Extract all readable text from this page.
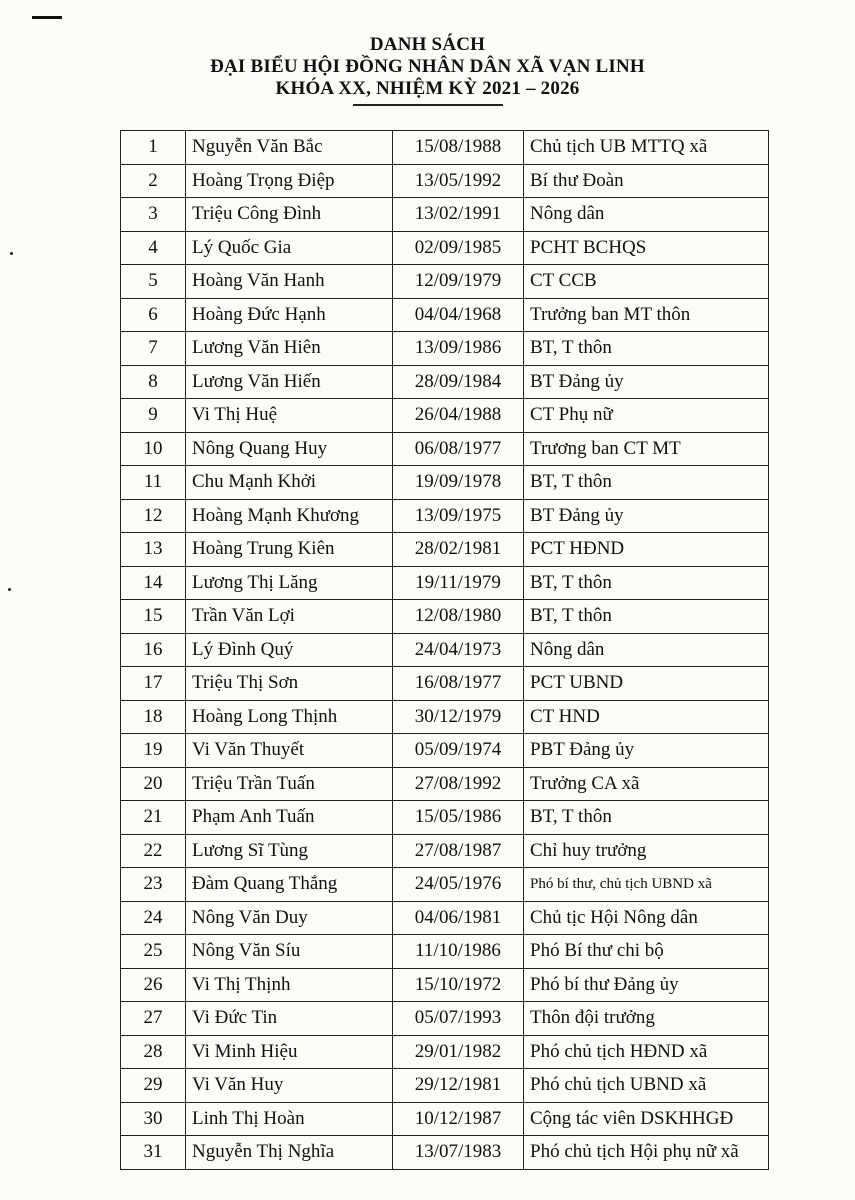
DANH SÁCH
ĐẠI BIỂU HỘI ĐỒNG NHÂN DÂN XÃ VẠN LINH
KHÓA XX, NHIỆM KỲ 2021 – 2026
1	Nguyễn Văn Bắc	15/08/1988	Chủ tịch UB MTTQ xã
2	Hoàng Trọng Điệp	13/05/1992	Bí thư Đoàn
3	Triệu Công Đình	13/02/1991	Nông dân
4	Lý Quốc Gia	02/09/1985	PCHT BCHQS
5	Hoàng Văn Hanh	12/09/1979	CT CCB
6	Hoàng Đức Hạnh	04/04/1968	Trưởng ban MT thôn
7	Lương Văn Hiên	13/09/1986	BT, T thôn
8	Lương Văn Hiến	28/09/1984	BT Đảng ủy
9	Vi Thị Huệ	26/04/1988	CT Phụ nữ
10	Nông Quang Huy	06/08/1977	Trương ban CT MT
11	Chu Mạnh Khởi	19/09/1978	BT, T thôn
12	Hoàng Mạnh Khương	13/09/1975	BT Đảng ủy
13	Hoàng Trung Kiên	28/02/1981	PCT HĐND
14	Lương Thị Lăng	19/11/1979	BT, T thôn
15	Trần Văn Lợi	12/08/1980	BT, T thôn
16	Lý Đình Quý	24/04/1973	Nông dân
17	Triệu Thị Sơn	16/08/1977	PCT UBND
18	Hoàng Long Thịnh	30/12/1979	CT HND
19	Vi Văn Thuyết	05/09/1974	PBT Đảng ủy
20	Triệu Trần Tuấn	27/08/1992	Trưởng CA xã
21	Phạm Anh Tuấn	15/05/1986	BT, T thôn
22	Lương Sĩ Tùng	27/08/1987	Chỉ huy trưởng
23	Đàm Quang Thắng	24/05/1976	Phó bí thư, chủ tịch UBND xã
24	Nông Văn Duy	04/06/1981	Chủ tịc Hội Nông dân
25	Nông Văn Síu	11/10/1986	Phó Bí thư chi bộ
26	Vi Thị Thịnh	15/10/1972	Phó bí thư Đảng ủy
27	Vi Đức Tin	05/07/1993	Thôn đội trưởng
28	Vi Minh Hiệu	29/01/1982	Phó chủ tịch HĐND xã
29	Vi Văn Huy	29/12/1981	Phó chủ tịch UBND xã
30	Linh Thị Hoàn	10/12/1987	Cộng tác viên DSKHHGĐ
31	Nguyễn Thị Nghĩa	13/07/1983	Phó chủ tịch Hội phụ nữ xã
